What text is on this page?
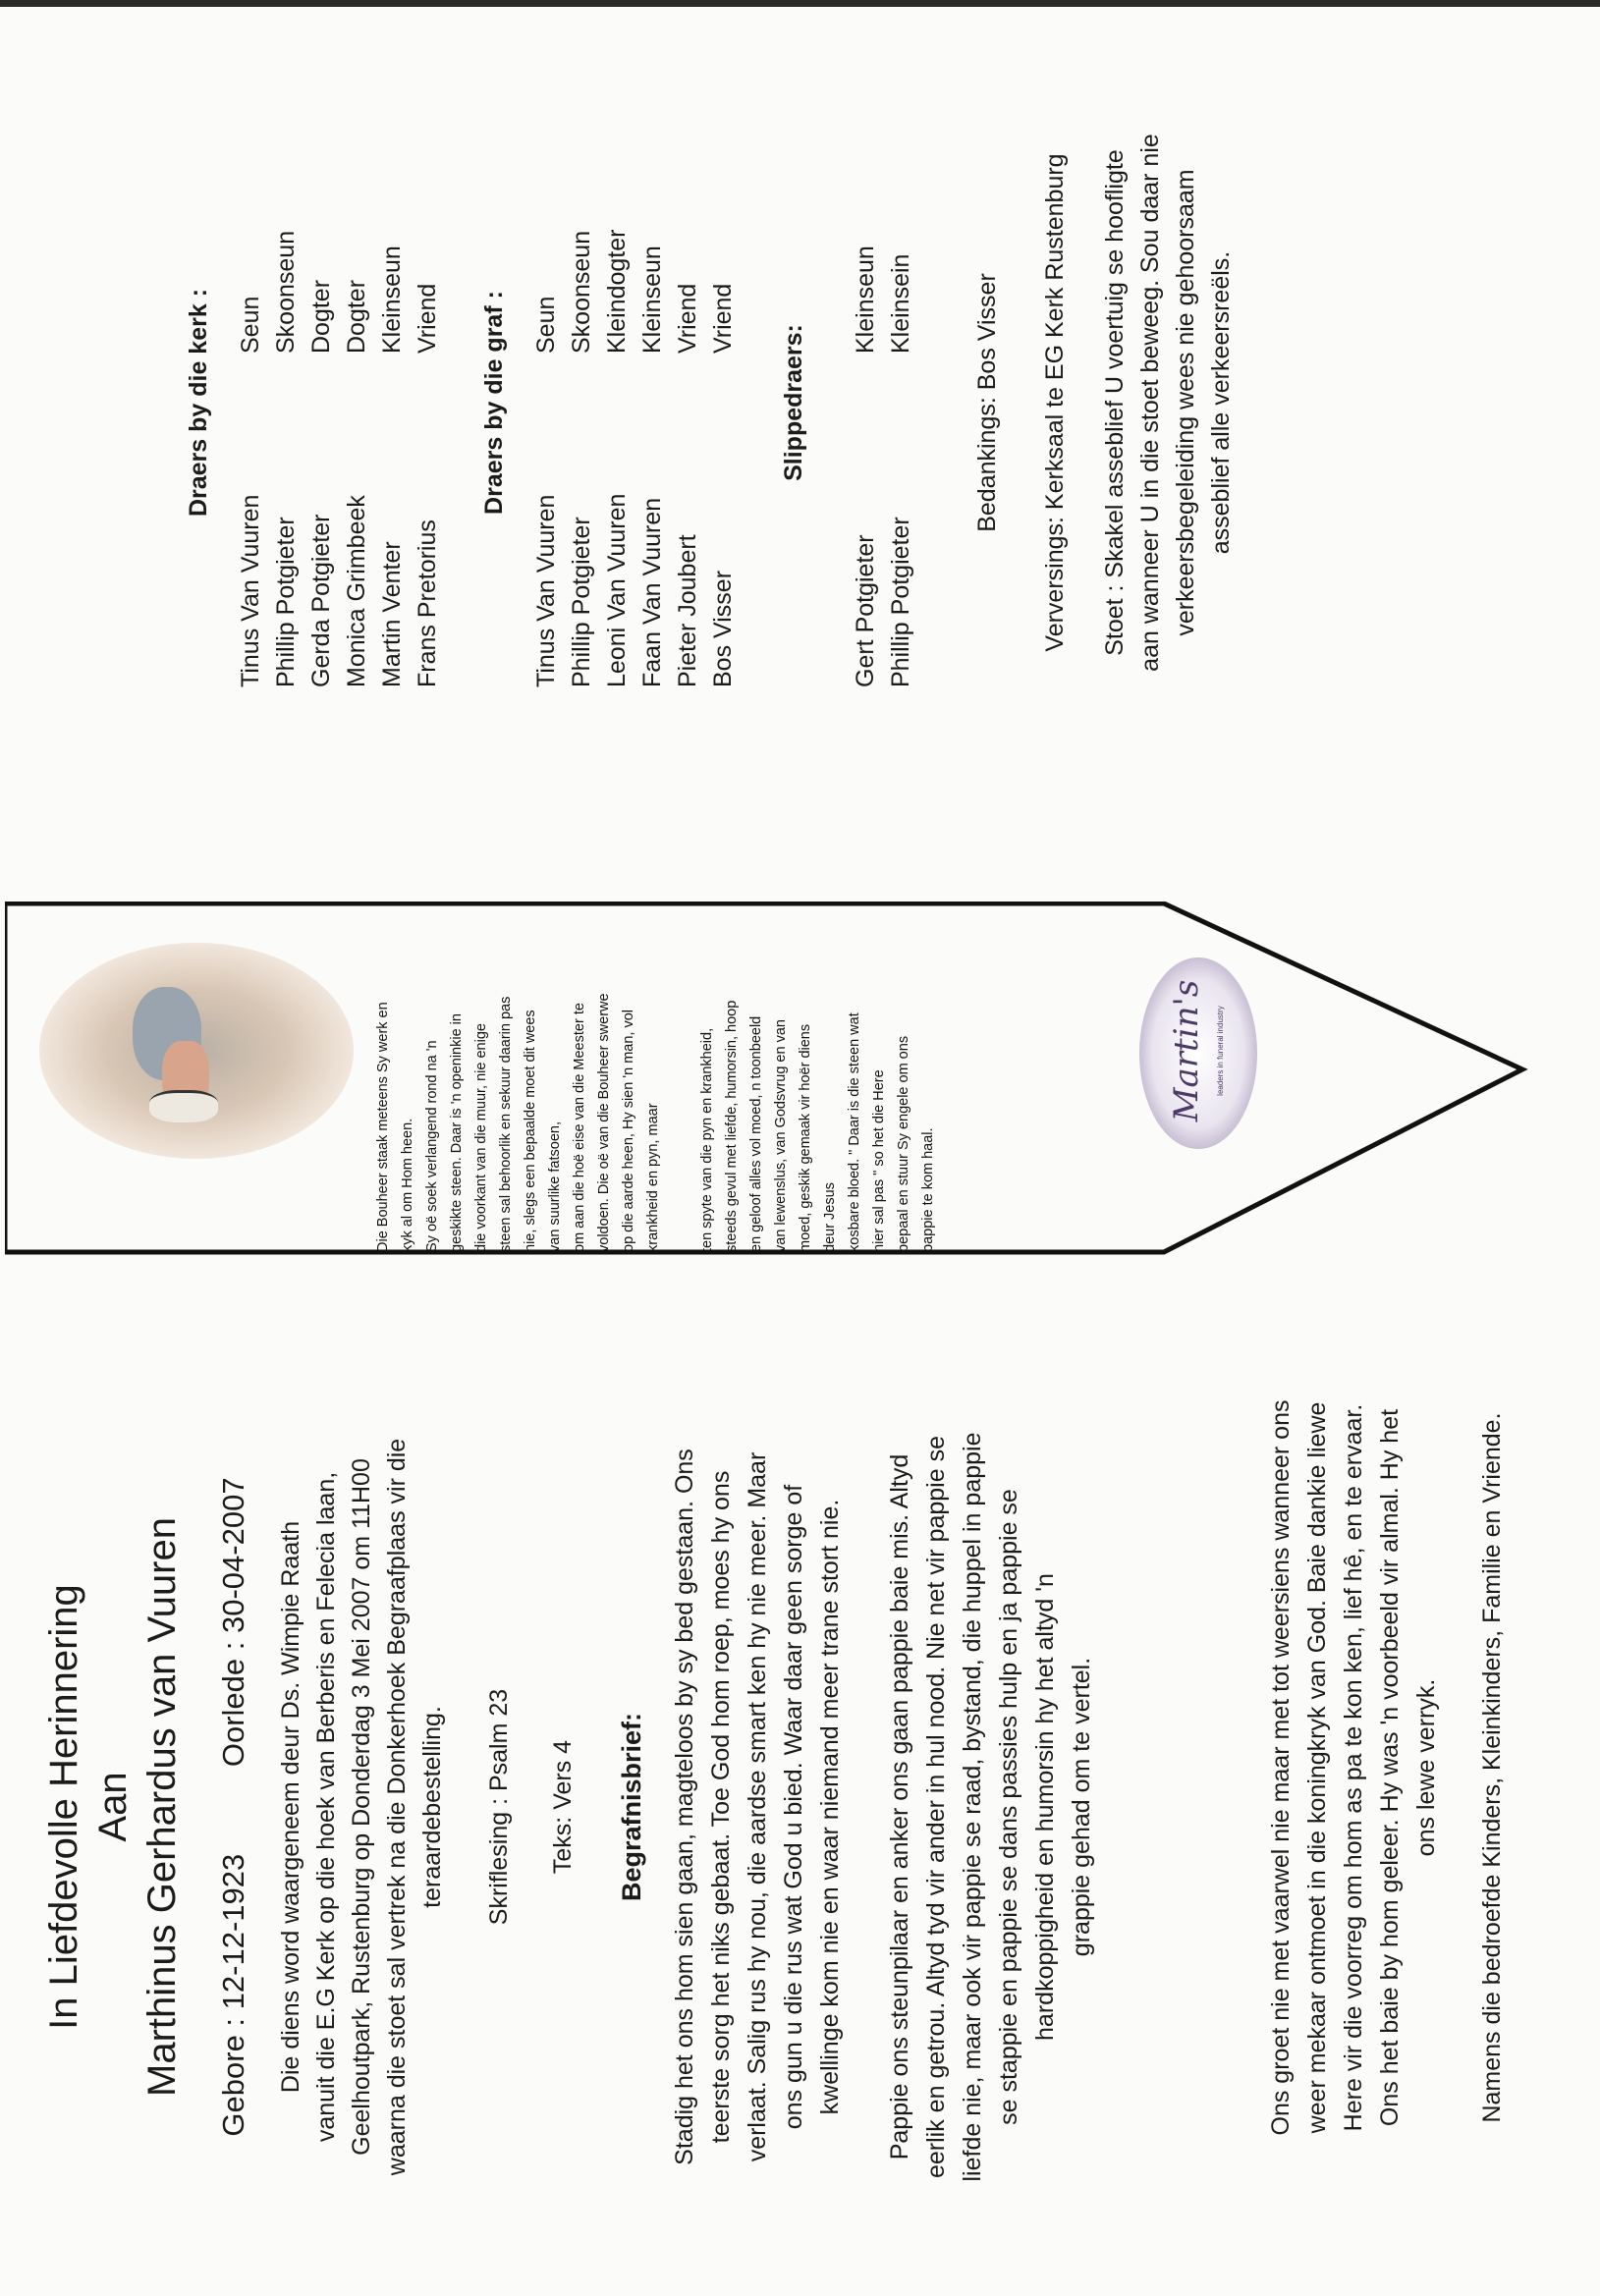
In Liefdevolle Herinnering Aan Marthinus Gerhardus van Vuuren Gebore : 12-12-1923 Oorlede : 30-04-2007 Die diens word waargeneem deur Ds. Wimpie Raath vanuit die E.G Kerk op die hoek van Berberis en Felecia laan, Geelhoutpark, Rustenburg op Donderdag 3 Mei 2007 om 11H00 waarna die stoet sal vertrek na die Donkerhoek Begraafplaas vir die teraardebestelling. Skriflesing : Psalm 23 Teks: Vers 4 Begrafnisbrief: Stadig het ons hom sien gaan, magteloos by sy bed gestaan. Ons teerste sorg het niks gebaat. Toe God hom roep, moes hy ons verlaat. Salig rus hy nou, die aardse smart ken hy nie meer. Maar ons gun u die rus wat God u bied. Waar daar geen sorge of kwellinge kom nie en waar niemand meer trane stort nie. Pappie ons steunpilaar en anker ons gaan pappie baie mis. Altyd eerlik en getrou. Altyd tyd vir ander in hul nood. Nie net vir pappie se liefde nie, maar ook vir pappie se raad, bystand, die huppel in pappie se stappie en pappie se dans passies hulp en ja pappie se hardkoppigheid en humorsin hy het altyd 'n grappie gehad om te vertel.	Ons groet nie met vaarwel nie maar met tot weersiens wanneer ons weer mekaar ontmoet in die koningkryk van God. Baie dankie liewe Here vir die voorreg om hom as pa te kon ken, lief hê, en te ervaar. Ons het baie by hom geleer. Hy was 'n voorbeeld vir almal. Hy het ons lewe verryk. Namens die bedroefde Kinders, Kleinkinders, Familie en Vriende.
Die Bouheer staak meteens Sy werk en kyk al om Hom heen. Sy oë soek verlangend rond na 'n geskikte steen. Daar is 'n openinkie in die voorkant van die muur, nie enige steen sal behoorlik en sekuur daarin pas nie, slegs een bepaalde moet dit wees van suurlike fatsoen, om aan die hoë eise van die Meester te voldoen. Die oë van die Bouheer swerwe op die aarde heen, Hy sien 'n man, vol krankheid en pyn, maar	ten spyte van die pyn en krankheid, steeds gevul met liefde, humorsin, hoop en geloof alles vol moed, n toonbeeld van lewenslus, van Godsvrug en van moed, geskik gemaak vir hoër diens deur Jesus kosbare bloed. " Daar is die steen wat hier sal pas " so het die Here bepaal en stuur Sy engele om ons pappie te kom haal.
Martin's leaders in funeral industry
Draers by die kerk :
Tinus Van Vuuren	Seun
Phillip Potgieter	Skoonseun
Gerda Potgieter	Dogter
Monica Grimbeek	Dogter
Martin Venter	Kleinseun
Frans Pretorius	Vriend Draers by die graf :
Tinus Van Vuuren	Seun
Phillip Potgieter	Skoonseun
Leoni Van Vuuren	Kleindogter
Faan Van Vuuren	Kleinseun
Pieter Joubert	Vriend
Bos Visser	Vriend
Slippedraers:
Gert Potgieter	Kleinseun
Phillip Potgieter	Kleinsein Bedankings: Bos Visser Verversings: Kerksaal te EG Kerk Rustenburg Stoet : Skakel asseblief U voertuig se hoofligte aan wanneer U in die stoet beweeg. Sou daar nie verkeersbegeleiding wees nie gehoorsaam asseblief alle verkeersreëls.
